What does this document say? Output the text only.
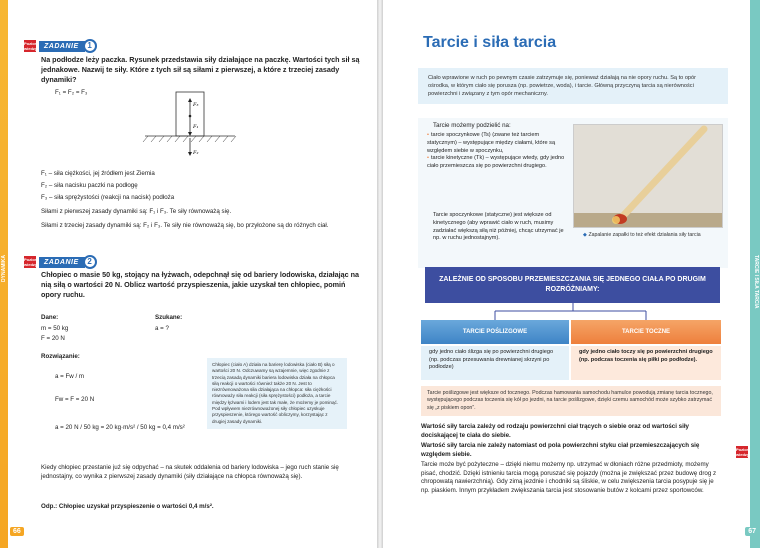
DYNAMIKA
Poziom
wiedzy ZADANIE	1
Na podłodze leży paczka. Rysunek przedstawia siły działające na paczkę. Wartości tych sił są jednakowe. Nazwij te siły. Które z tych sił są siłami z pierwszej, a które z trzeciej zasady dynamiki?
F₁ = F₂ = F₃
F₃
F₁
F₂
F₁ – siła ciężkości, jej źródłem jest Ziemia
F₂ – siła nacisku paczki na podłogę
F₃ – siła sprężystości (reakcji na nacisk) podłoża
Siłami z pierwszej zasady dynamiki są: F₁ i F₃. Te siły równoważą się.
Siłami z trzeciej zasady dynamiki są: F₂ i F₃. Te siły nie równoważą się, bo przyłożone są do różnych ciał.
Poziom
wiedzy ZADANIE	2
Chłopiec o masie 50 kg, stojący na łyżwach, odepchnął się od bariery lodowiska, działając na nią siłą o wartości 20 N. Oblicz wartość przyspieszenia, jakie uzyskał ten chłopiec, pomiń opory ruchu.
Dane:
m = 50 kg
F = 20 N
Szukane:
a = ?
Rozwiązanie:
a = Fw / m
Fw = F = 20 N
a = 20 N / 50 kg = 20 kg·m/s² / 50 kg = 0,4 m/s²
Chłopiec (ciało A) działa na barierę lodowiska (ciało B) siłą o wartości 20 N. Odczuwamy są wzajemnie, więc zgodnie z trzecią zasadą dynamiki bariera lodowiska działa na chłopca siłą reakcji o wartości również także 20 N. Jest to niezrównoważona siła działająca na chłopca: siła ciężkości równoważy siła reakcji (siła sprężystości) podłoża, a tarcie między łyżwami i lodem jest tak małe, że możemy je pominąć. Pod wpływem niezrównoważonej siły chłopiec uzyskuje przyspieszenie, którego wartość obliczymy, korzystając z drugiej zasady dynamiki.
Kiedy chłopiec przestanie już się odpychać – na skutek oddalenia od bariery lodowiska – jego ruch stanie się jednostajny, co wynika z pierwszej zasady dynamiki (siły działające na chłopca równoważą się).
Odp.: Chłopiec uzyskał przyspieszenie o wartości 0,4 m/s².
66
TARCIE I SIŁA TARCIA
Tarcie i siła tarcia
Ciało wprawione w ruch po pewnym czasie zatrzymuje się, ponieważ działają na nie opory ruchu. Są to opór ośrodka, w którym ciało się porusza (np. powietrze, woda), i tarcie. Główną przyczyną tarcia są nierówności powierzchni i związany z tym opór mechaniczny.
Tarcie możemy podzielić na:
• tarcie spoczynkowe (Ts) (zwane też tarciem statycznym) – występujące między ciałami, które są względem siebie w spoczynku,
• tarcie kinetyczne (Tk) – występujące wtedy, gdy jedno ciało przemieszcza się po powierzchni drugiego.
Tarcie spoczynkowe (statyczne) jest większe od kinetycznego (aby wprawić ciało w ruch, musimy zadziałać większą siłą niż później, chcąc utrzymać je np. w ruchu jednostajnym).
◆ Zapalanie zapałki to też efekt działania siły tarcia
ZALEŻNIE OD SPOSOBU PRZEMIESZCZANIA SIĘ JEDNEGO CIAŁA PO DRUGIM ROZRÓŻNIAMY:
TARCIE POŚLIZGOWE	TARCIE TOCZNE
gdy jedno ciało ślizga się po powierzchni drugiego (np. podczas przesuwania drewnianej skrzyni po podłodze)
gdy jedno ciało toczy się po powierzchni drugiego (np. podczas toczenia się piłki po podłodze).
Tarcie poślizgowe jest większe od tocznego. Podczas hamowania samochodu hamulce powodują zmianę tarcia tocznego, występującego podczas toczenia się kół po jezdni, na tarcie poślizgowe, dzięki czemu samochód może szybko zatrzymać się „z piskiem opon”.
Wartość siły tarcia zależy od rodzaju powierzchni ciał trących o siebie oraz od wartości siły dociskającej te ciała do siebie.
Wartość siły tarcia nie zależy natomiast od pola powierzchni styku ciał przemieszczających się względem siebie.
Tarcie może być pożyteczne – dzięki niemu możemy np. utrzymać w dłoniach różne przedmioty, możemy pisać, chodzić. Dzięki istnieniu tarcia mogą poruszać się pojazdy (można je zwiększać przez budowę drog z chropowatą nawierzchnią). Gdy zimą jezdnie i chodniki są śliskie, w celu zwiększenia tarcia posypuje się je np. piaskiem. Innym przykładem zwiększania tarcia jest stosowanie butów z kolcami przez sportowców.
Poziom
wiedzy
67
